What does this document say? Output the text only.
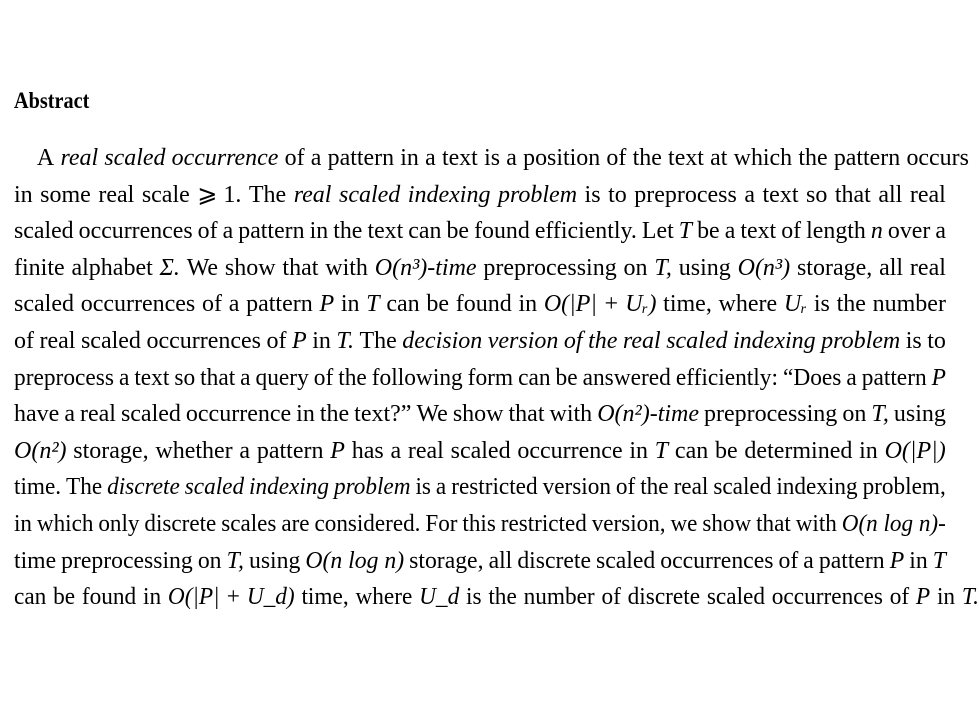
Abstract
A real scaled occurrence of a pattern in a text is a position of the text at which the pattern occurs
in some real scale ⩾ 1. The real scaled indexing problem is to preprocess a text so that all real
scaled occurrences of a pattern in the text can be found efficiently. Let T be a text of length n over a
finite alphabet Σ. We show that with O(n³)-time preprocessing on T, using O(n³) storage, all real
scaled occurrences of a pattern P in T can be found in O(|P| + Uᵣ) time, where Uᵣ is the number
of real scaled occurrences of P in T. The decision version of the real scaled indexing problem is to
preprocess a text so that a query of the following form can be answered efficiently: “Does a pattern P
have a real scaled occurrence in the text?” We show that with O(n²)-time preprocessing on T, using
O(n²) storage, whether a pattern P has a real scaled occurrence in T can be determined in O(|P|)
time. The discrete scaled indexing problem is a restricted version of the real scaled indexing problem,
in which only discrete scales are considered. For this restricted version, we show that with O(n log n)-
time preprocessing on T, using O(n log n) storage, all discrete scaled occurrences of a pattern P in T
can be found in O(|P| + U_d) time, where U_d is the number of discrete scaled occurrences of P in T.
